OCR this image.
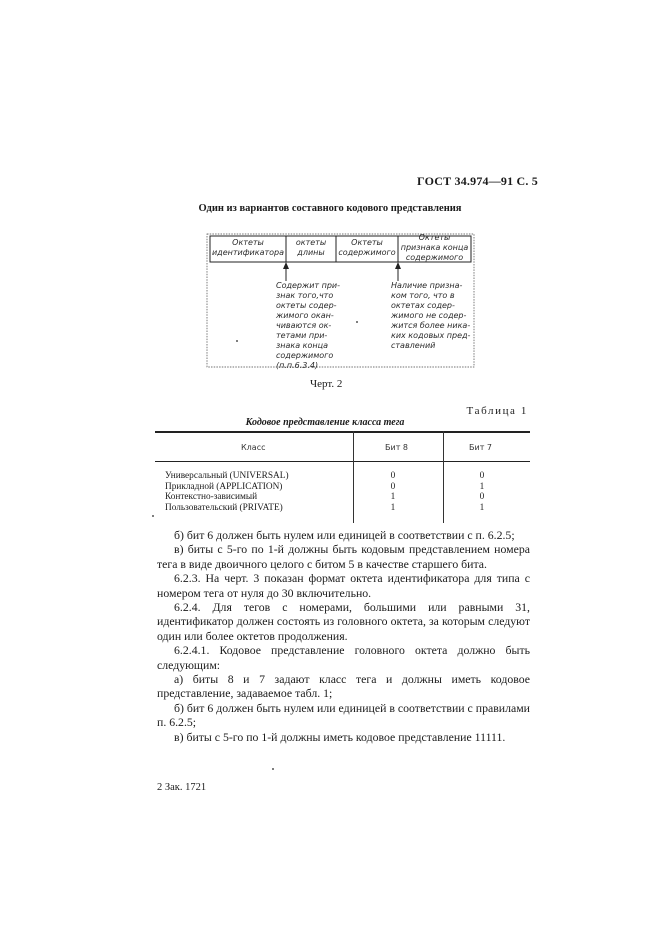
ГОСТ 34.974—91 С. 5
Один из вариантов составного кодового представления
Октеты идентификатора
октеты длины
Октеты содержимого
Октеты признака конца содержимого
Содержит при-
знак того,что
октеты содер-
жимого окан-
чиваются ок-
тетами при-
знака конца
содержимого
(п.п.6.3.4)
Наличие призна-
ком того, что в
октетах содер-
жимого не содер-
жится более ника-
ких кодовых пред-
ставлений
Черт. 2
Таблица 1
Кодовое представление класса тега
Класс	Бит 8	Бит 7
Универсальный (UNIVERSAL)	0	0
Прикладной (APPLICATION)	0	1
Контекстно-зависимый	1	0
Пользовательский (PRIVATE)	1	1

б) бит 6 должен быть нулем или единицей в соответствии с п. 6.2.5;

в) биты с 5-го по 1-й должны быть кодовым представлением номера тега в виде двоичного целого с битом 5 в качестве старшего бита.

6.2.3. На черт. 3 показан формат октета идентификатора для типа с номером тега от нуля до 30 включительно.

6.2.4. Для тегов с номерами, большими или равными 31, идентификатор должен состоять из головного октета, за которым следуют один или более октетов продолжения.

6.2.4.1. Кодовое представление головного октета должно быть следующим:

а) биты 8 и 7 задают класс тега и должны иметь кодовое представление, задаваемое табл. 1;

б) бит 6 должен быть нулем или единицей в соответствии с правилами п. 6.2.5;

в) биты с 5-го по 1-й должны иметь кодовое представление 11111.

2 Зак. 1721
